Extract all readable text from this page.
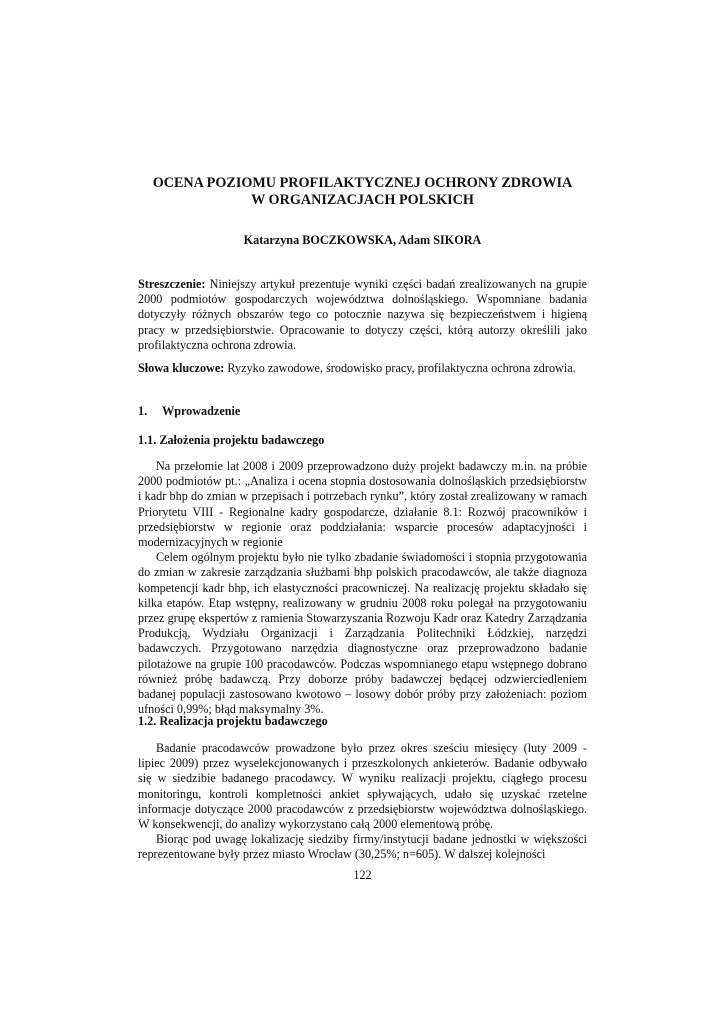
OCENA POZIOMU PROFILAKTYCZNEJ OCHRONY ZDROWIA
W ORGANIZACJACH POLSKICH

Katarzyna BOCZKOWSKA, Adam SIKORA

Streszczenie: Niniejszy artykuł prezentuje wyniki części badań zrealizowanych na grupie 2000 podmiotów gospodarczych województwa dolnośląskiego. Wspomniane badania dotyczyły różnych obszarów tego co potocznie nazywa się bezpieczeństwem i higieną pracy w przedsiębiorstwie. Opracowanie to dotyczy części, którą autorzy określili jako profilaktyczna ochrona zdrowia.

Słowa kluczowe: Ryzyko zawodowe, środowisko pracy, profilaktyczna ochrona zdrowia.

1. Wprowadzenie
1.1. Założenia projektu badawczego

Na przełomie lat 2008 i 2009 przeprowadzono duży projekt badawczy m.in. na próbie 2000 podmiotów pt.: „Analiza i ocena stopnia dostosowania dolnośląskich przedsiębiorstw i kadr bhp do zmian w przepisach i potrzebach rynku”, który został zrealizowany w ramach Priorytetu VIII - Regionalne kadry gospodarcze, działanie 8.1: Rozwój pracowników i przedsiębiorstw w regionie oraz poddziałania: wsparcie procesów adaptacyjności i modernizacyjnych w regionie

Celem ogólnym projektu było nie tylko zbadanie świadomości i stopnia przygotowania do zmian w zakresie zarządzania służbami bhp polskich pracodawców, ale także diagnoza kompetencji kadr bhp, ich elastyczności pracowniczej. Na realizację projektu składało się kilka etapów. Etap wstępny, realizowany w grudniu 2008 roku polegał na przygotowaniu przez grupę ekspertów z ramienia Stowarzyszania Rozwoju Kadr oraz Katedry Zarządzania Produkcją, Wydziału Organizacji i Zarządzania Politechniki Łódzkiej, narzędzi badawczych. Przygotowano narzędzia diagnostyczne oraz przeprowadzono badanie pilotażowe na grupie 100 pracodawców. Podczas wspomnianego etapu wstępnego dobrano również próbę badawczą. Przy doborze próby badawczej będącej odzwierciedleniem badanej populacji zastosowano kwotowo – losowy dobór próby przy założeniach: poziom ufności 0,99%; błąd maksymalny 3%.

1.2. Realizacja projektu badawczego

Badanie pracodawców prowadzone było przez okres sześciu miesięcy (luty 2009 - lipiec 2009) przez wyselekcjonowanych i przeszkolonych ankieterów. Badanie odbywało się w siedzibie badanego pracodawcy. W wyniku realizacji projektu, ciągłego procesu monitoringu, kontroli kompletności ankiet spływających, udało się uzyskać rzetelne informacje dotyczące 2000 pracodawców z przedsiębiorstw województwa dolnośląskiego. W konsekwencji, do analizy wykorzystano całą 2000 elementową próbę.

Biorąc pod uwagę lokalizację siedziby firmy/instytucji badane jednostki w większości reprezentowane były przez miasto Wrocław (30,25%; n=605). W dalszej kolejności

122
